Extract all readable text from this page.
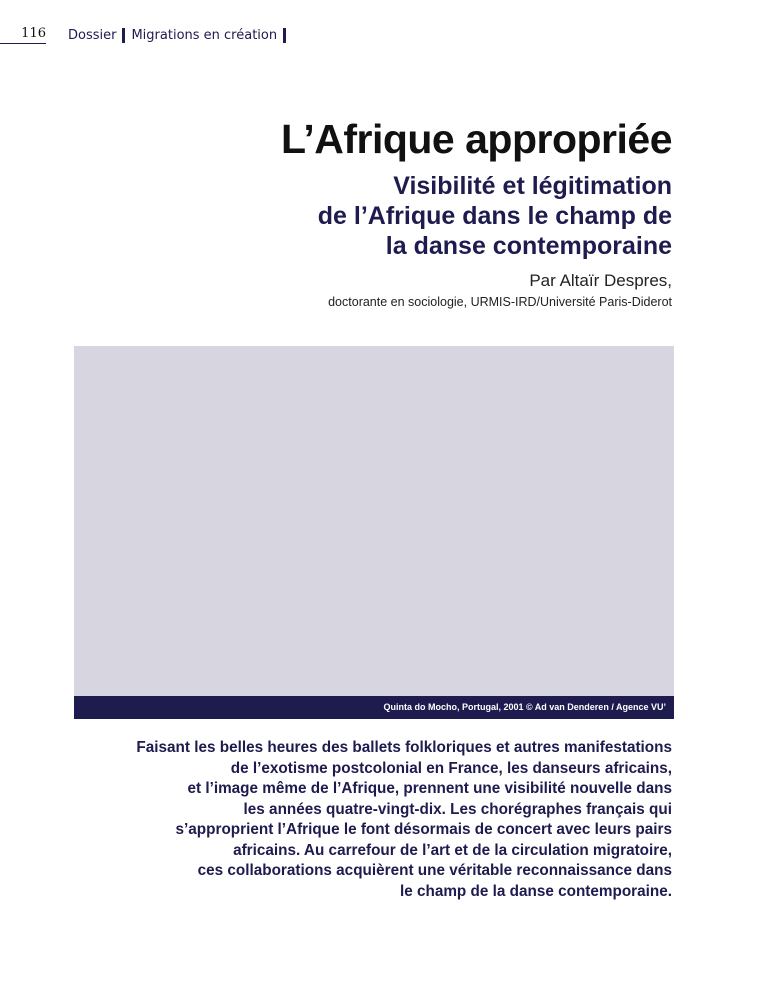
116 Dossier Migrations en création
L’Afrique appropriée
Visibilité et légitimation
de l’Afrique dans le champ de
la danse contemporaine

Par Altaïr Despres,

doctorante en sociologie, URMIS-IRD/Université Paris-Diderot

Quinta do Mocho, Portugal, 2001 © Ad van Denderen / Agence VU’

Faisant les belles heures des ballets folkloriques et autres manifestations
de l’exotisme postcolonial en France, les danseurs africains,
et l’image même de l’Afrique, prennent une visibilité nouvelle dans
les années quatre-vingt-dix. Les chorégraphes français qui
s’approprient l’Afrique le font désormais de concert avec leurs pairs
africains. Au carrefour de l’art et de la circulation migratoire,
ces collaborations acquièrent une véritable reconnaissance dans
le champ de la danse contemporaine.
